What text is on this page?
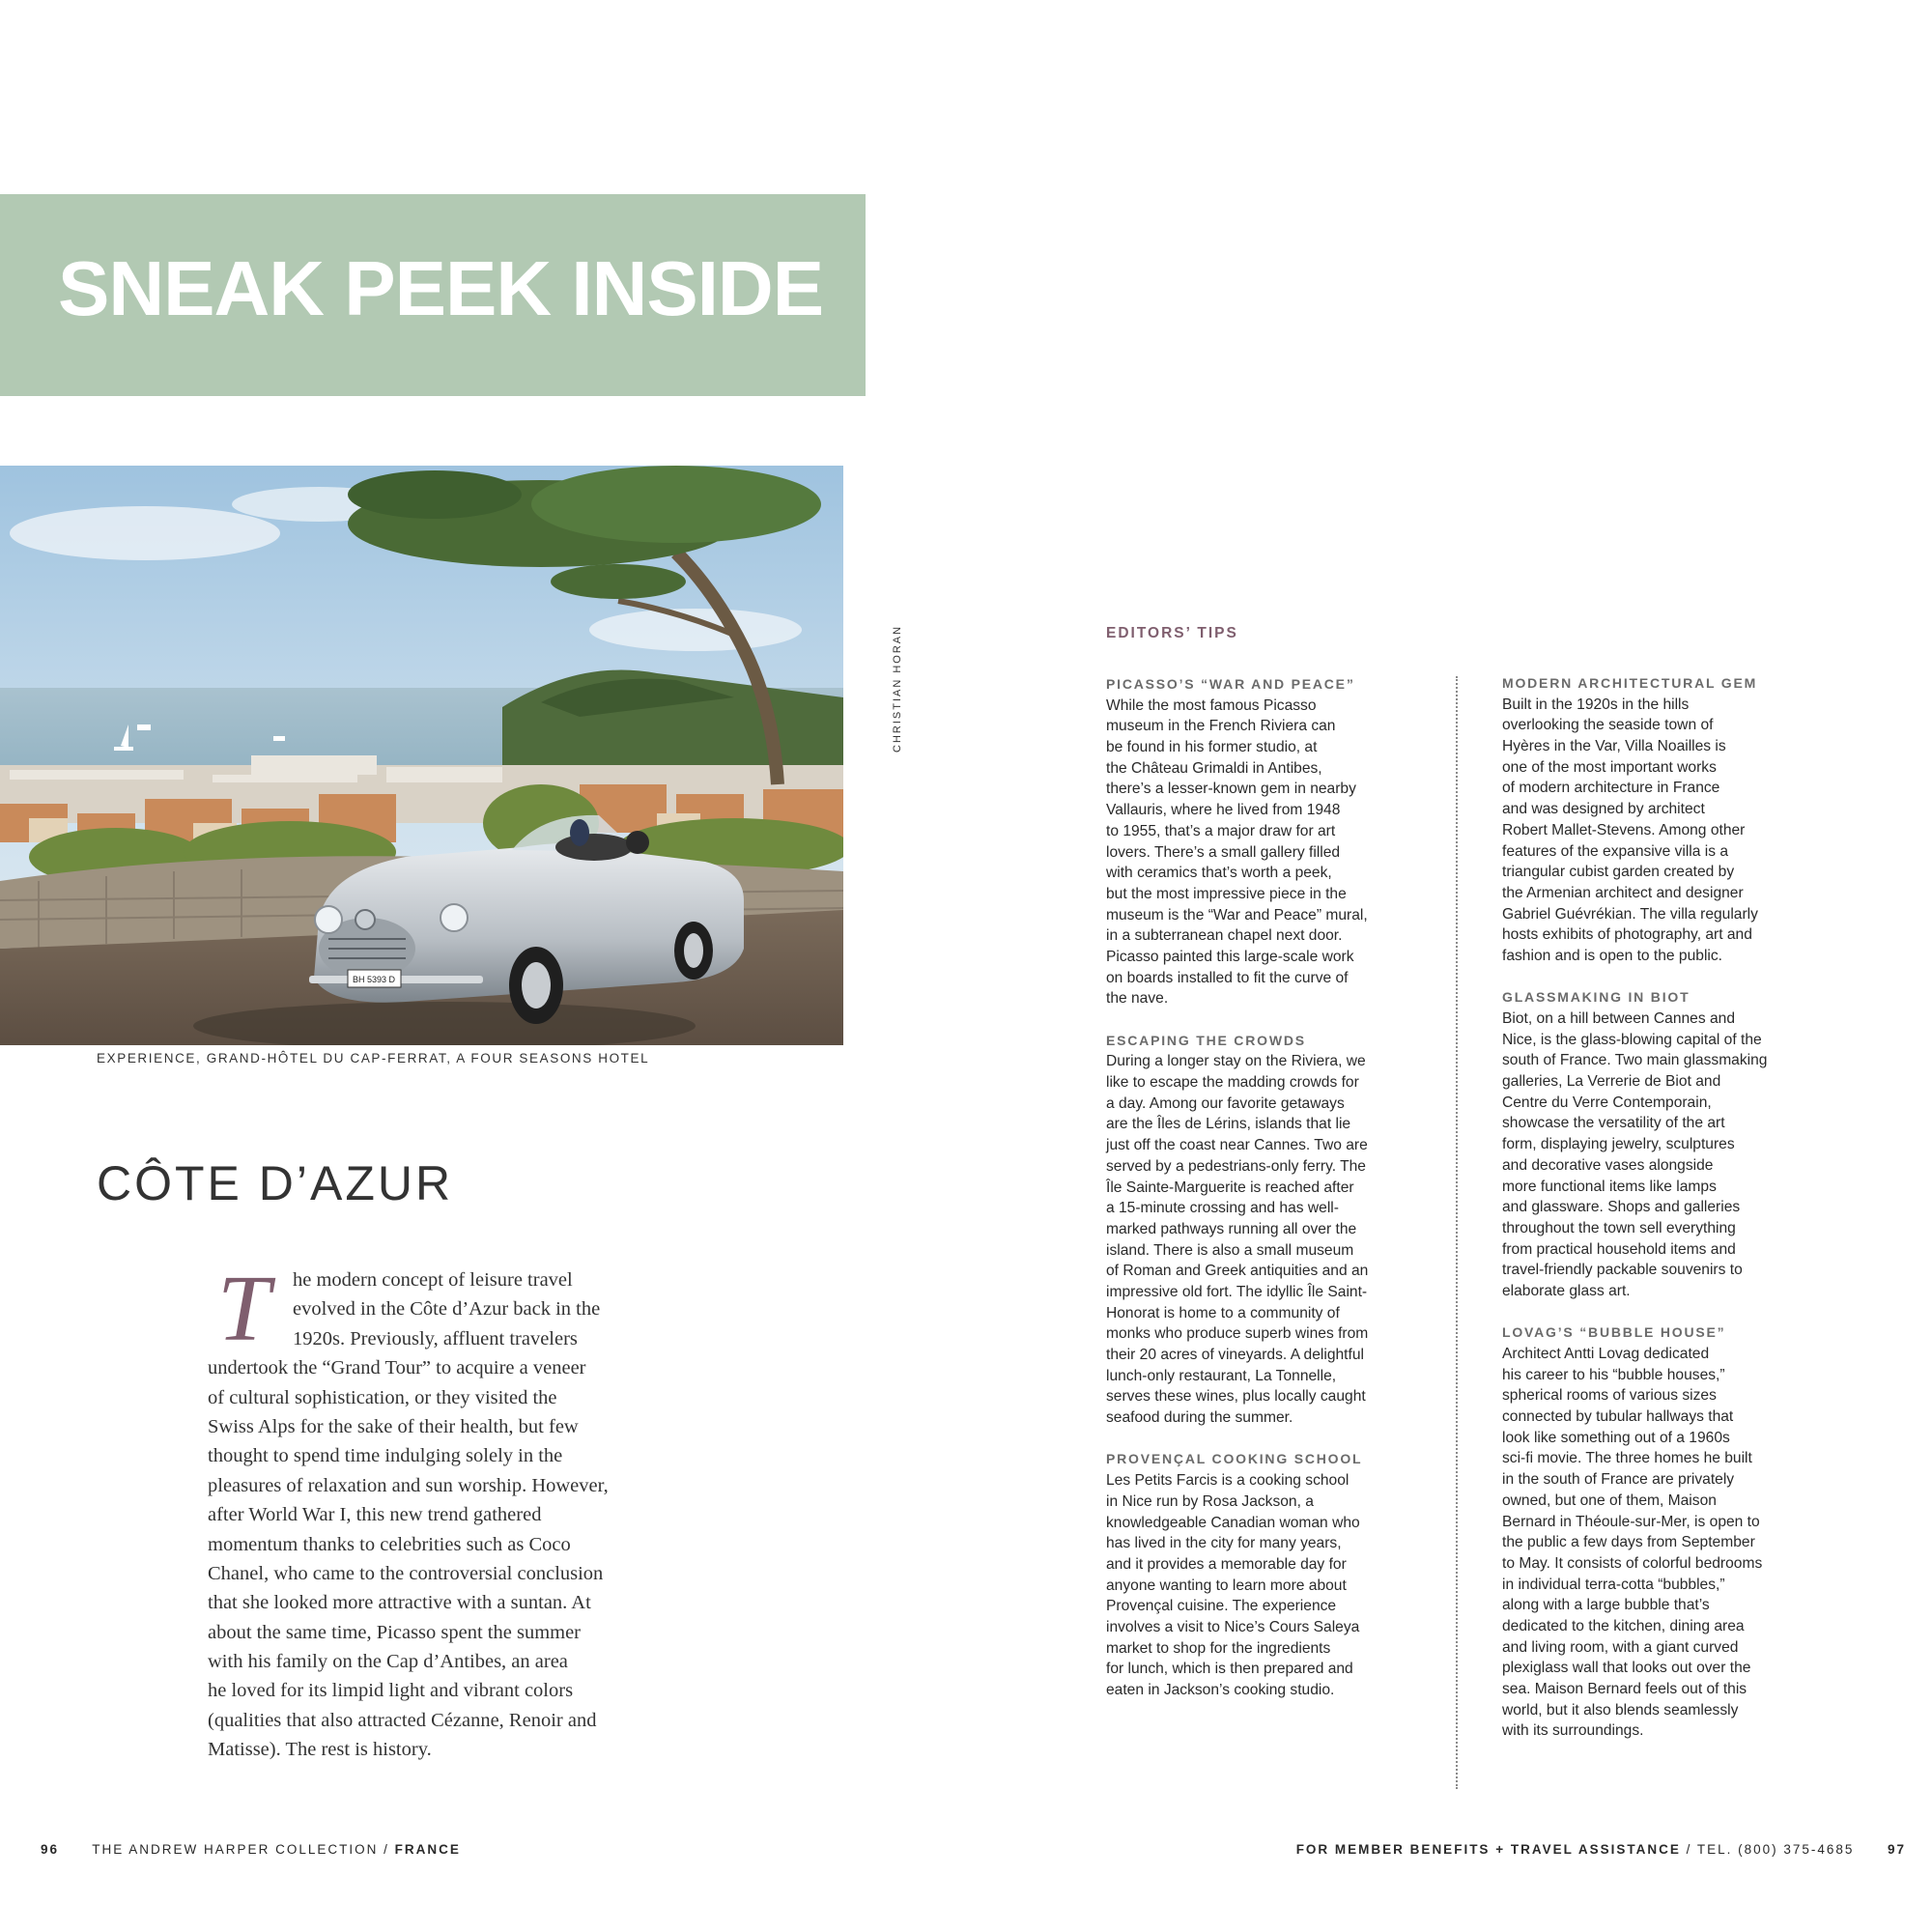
SNEAK PEEK INSIDE
BH 5393 D
CHRISTIAN HORAN
EXPERIENCE, GRAND-HÔTEL DU CAP-FERRAT, A FOUR SEASONS HOTEL
CÔTE D’AZUR
T	he modern concept of leisure travel
evolved in the Côte d’Azur back in the
1920s. Previously, affluent travelers
undertook the “Grand Tour” to acquire a veneer
of cultural sophistication, or they visited the
Swiss Alps for the sake of their health, but few
thought to spend time indulging solely in the
pleasures of relaxation and sun worship. However,
after World War I, this new trend gathered
momentum thanks to celebrities such as Coco
Chanel, who came to the controversial conclusion
that she looked more attractive with a suntan. At
about the same time, Picasso spent the summer
with his family on the Cap d’Antibes, an area
he loved for its limpid light and vibrant colors
(qualities that also attracted Cézanne, Renoir and
Matisse). The rest is history.
EDITORS’ TIPS
PICASSO’S “WAR AND PEACE”
While the most famous Picasso
museum in the French Riviera can
be found in his former studio, at
the Château Grimaldi in Antibes,
there’s a lesser-known gem in nearby
Vallauris, where he lived from 1948
to 1955, that’s a major draw for art
lovers. There’s a small gallery filled
with ceramics that’s worth a peek,
but the most impressive piece in the
museum is the “War and Peace” mural,
in a subterranean chapel next door.
Picasso painted this large-scale work
on boards installed to fit the curve of
the nave.
ESCAPING THE CROWDS
During a longer stay on the Riviera, we
like to escape the madding crowds for
a day. Among our favorite getaways
are the Îles de Lérins, islands that lie
just off the coast near Cannes. Two are
served by a pedestrians-only ferry. The
Île Sainte-Marguerite is reached after
a 15-minute crossing and has well-
marked pathways running all over the
island. There is also a small museum
of Roman and Greek antiquities and an
impressive old fort. The idyllic Île Saint-
Honorat is home to a community of
monks who produce superb wines from
their 20 acres of vineyards. A delightful
lunch-only restaurant, La Tonnelle,
serves these wines, plus locally caught
seafood during the summer.
PROVENÇAL COOKING SCHOOL
Les Petits Farcis is a cooking school
in Nice run by Rosa Jackson, a
knowledgeable Canadian woman who
has lived in the city for many years,
and it provides a memorable day for
anyone wanting to learn more about
Provençal cuisine. The experience
involves a visit to Nice’s Cours Saleya
market to shop for the ingredients
for lunch, which is then prepared and
eaten in Jackson’s cooking studio.
MODERN ARCHITECTURAL GEM
Built in the 1920s in the hills
overlooking the seaside town of
Hyères in the Var, Villa Noailles is
one of the most important works
of modern architecture in France
and was designed by architect
Robert Mallet-Stevens. Among other
features of the expansive villa is a
triangular cubist garden created by
the Armenian architect and designer
Gabriel Guévrékian. The villa regularly
hosts exhibits of photography, art and
fashion and is open to the public.
GLASSMAKING IN BIOT
Biot, on a hill between Cannes and
Nice, is the glass-blowing capital of the
south of France. Two main glassmaking
galleries, La Verrerie de Biot and
Centre du Verre Contemporain,
showcase the versatility of the art
form, displaying jewelry, sculptures
and decorative vases alongside
more functional items like lamps
and glassware. Shops and galleries
throughout the town sell everything
from practical household items and
travel-friendly packable souvenirs to
elaborate glass art.
LOVAG’S “BUBBLE HOUSE”
Architect Antti Lovag dedicated
his career to his “bubble houses,”
spherical rooms of various sizes
connected by tubular hallways that
look like something out of a 1960s
sci-fi movie. The three homes he built
in the south of France are privately
owned, but one of them, Maison
Bernard in Théoule-sur-Mer, is open to
the public a few days from September
to May. It consists of colorful bedrooms
in individual terra-cotta “bubbles,”
along with a large bubble that’s
dedicated to the kitchen, dining area
and living room, with a giant curved
plexiglass wall that looks out over the
sea. Maison Bernard feels out of this
world, but it also blends seamlessly
with its surroundings.
96	THE ANDREW HARPER COLLECTION / FRANCE	FOR MEMBER BENEFITS + TRAVEL ASSISTANCE / TEL. (800) 375-4685	97
